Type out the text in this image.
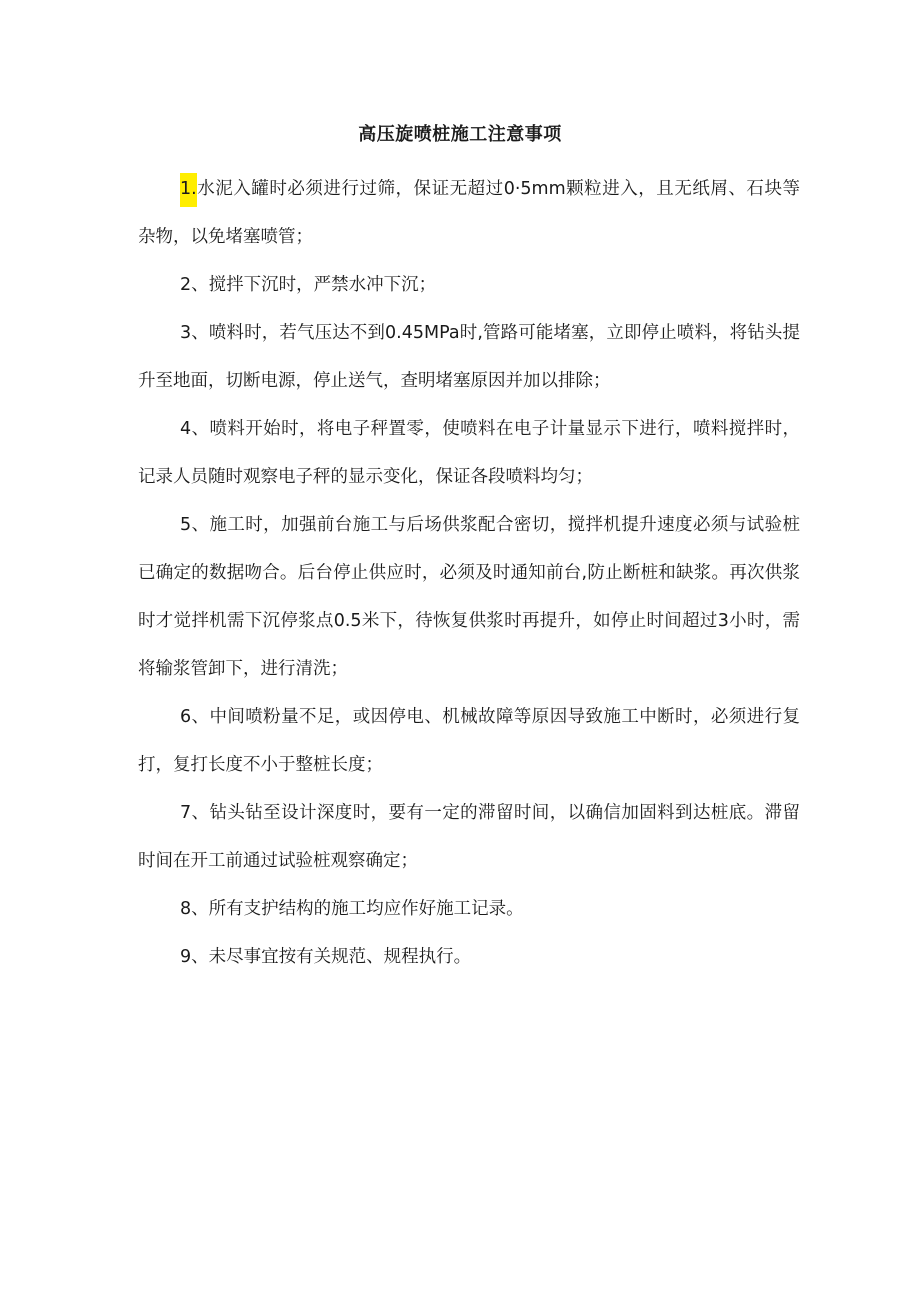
高压旋喷桩施工注意事项

1.水泥入罐时必须进行过筛，保证无超过0·5mm颗粒进入，且无纸屑、石块等杂物，以免堵塞喷管；

2、搅拌下沉时，严禁水冲下沉；

3、喷料时，若气压达不到0.45MPa时,管路可能堵塞，立即停止喷料，将钻头提升至地面，切断电源，停止送气，查明堵塞原因并加以排除；

4、喷料开始时，将电子秤置零，使喷料在电子计量显示下进行，喷料搅拌时，记录人员随时观察电子秤的显示变化，保证各段喷料均匀；

5、施工时，加强前台施工与后场供浆配合密切，搅拌机提升速度必须与试验桩已确定的数据吻合。后台停止供应时，必须及时通知前台,防止断桩和缺浆。再次供浆时才觉拌机需下沉停浆点0.5米下，待恢复供浆时再提升，如停止时间超过3小时，需将输浆管卸下，进行清洗；

6、中间喷粉量不足，或因停电、机械故障等原因导致施工中断时，必须进行复打，复打长度不小于整桩长度；

7、钻头钻至设计深度时，要有一定的滞留时间，以确信加固料到达桩底。滞留时间在开工前通过试验桩观察确定；

8、所有支护结构的施工均应作好施工记录。

9、未尽事宜按有关规范、规程执行。
